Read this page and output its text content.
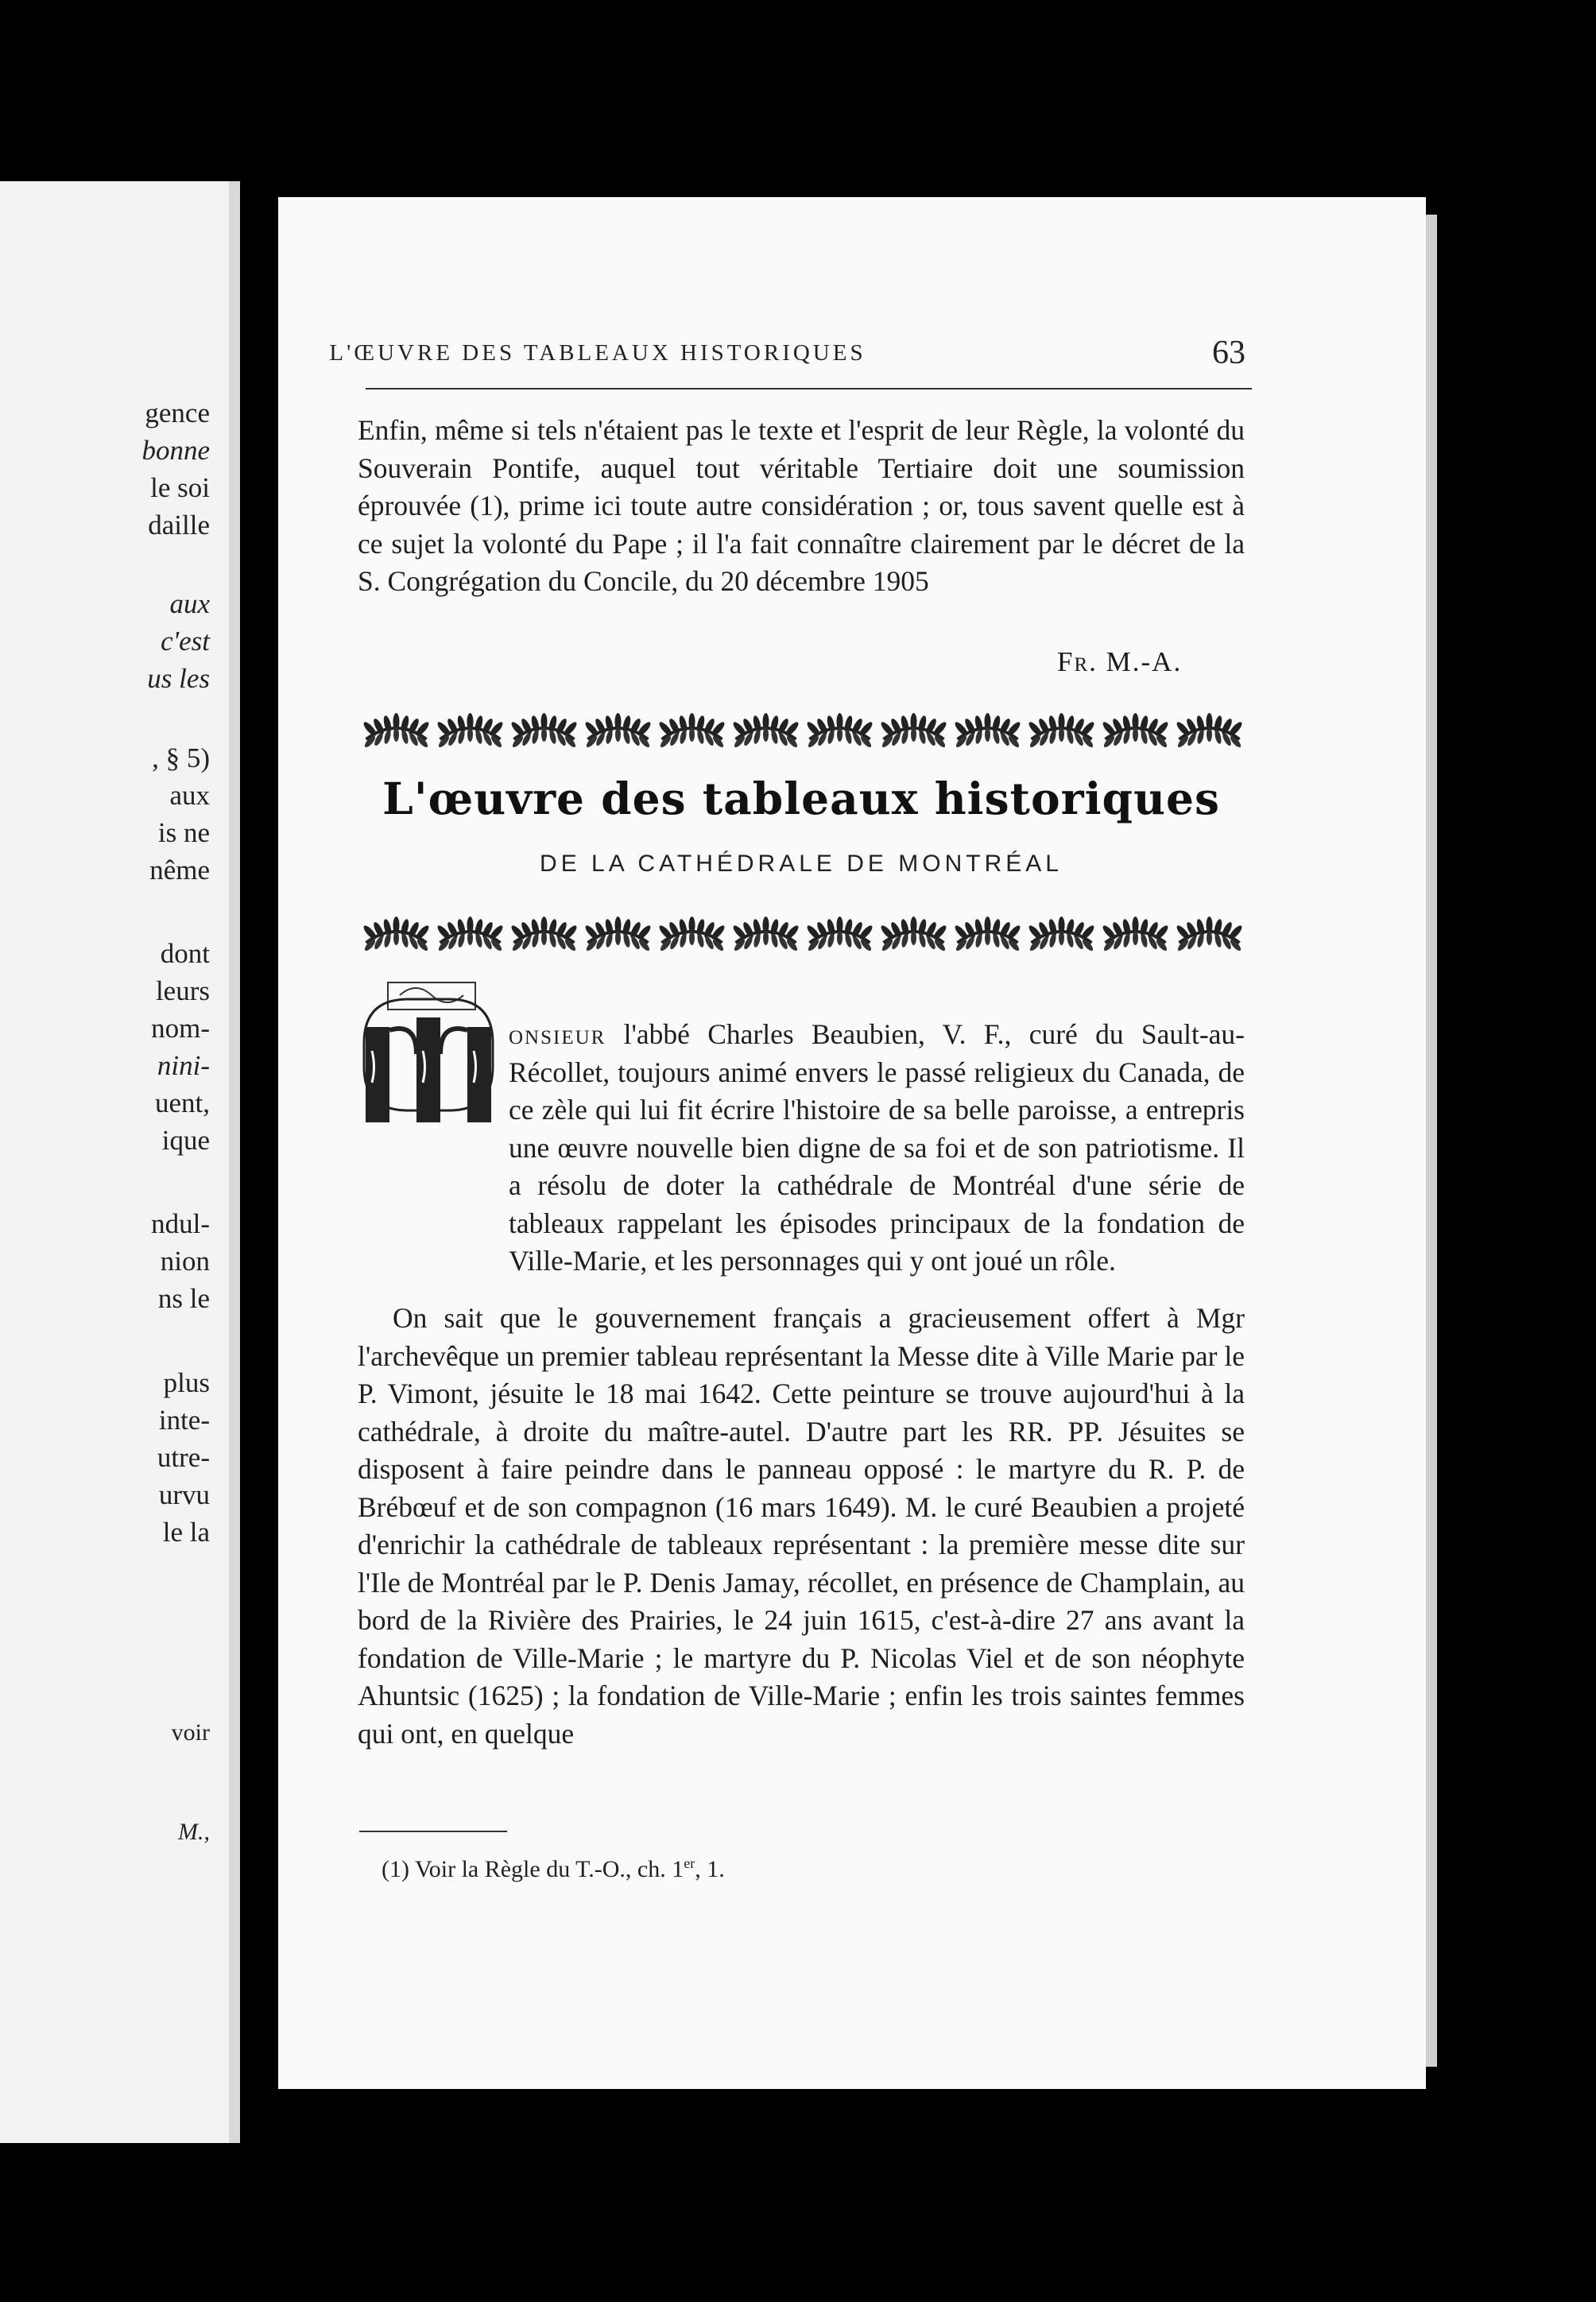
gence
bonne
le soi
daille
aux
c'est
us les
, § 5)
aux
is ne
nême
dont
leurs
nom-
nini-
uent,
ique
ndul-
nion
ns le
plus
inte-
utre-
urvu
le la
voir
M.,
L'ŒUVRE DES TABLEAUX HISTORIQUES	63

Enfin, même si tels n'étaient pas le texte et l'esprit de leur Règle, la volonté du Souverain Pontife, auquel tout véritable Tertiaire doit une soumission éprouvée (1), prime ici toute autre considération ; or, tous savent quelle est à ce sujet la volonté du Pape ; il l'a fait connaître clairement par le décret de la S. Congrégation du Concile, du 20 décembre 1905

Fr. M.-A.
L'œuvre des tableaux historiques
DE LA CATHÉDRALE DE MONTRÉAL

onsieur l'abbé Charles Beaubien, V. F., curé du Sault-au-Récollet, toujours animé envers le passé religieux du Canada, de ce zèle qui lui fit écrire l'histoire de sa belle paroisse, a entrepris une œuvre nouvelle bien digne de sa foi et de son patriotisme. Il a résolu de doter la cathédrale de Montréal d'une série de tableaux rappelant les épisodes principaux de la fondation de Ville-Marie, et les personnages qui y ont joué un rôle.

On sait que le gouvernement français a gracieusement offert à Mgr l'archevêque un premier tableau représentant la Messe dite à Ville Marie par le P. Vimont, jésuite le 18 mai 1642. Cette peinture se trouve aujourd'hui à la cathédrale, à droite du maître-autel. D'autre part les RR. PP. Jésuites se disposent à faire peindre dans le panneau opposé : le martyre du R. P. de Brébœuf et de son compagnon (16 mars 1649). M. le curé Beaubien a projeté d'enrichir la cathédrale de tableaux représentant : la première messe dite sur l'Ile de Montréal par le P. Denis Jamay, récollet, en présence de Champlain, au bord de la Rivière des Prairies, le 24 juin 1615, c'est-à-dire 27 ans avant la fondation de Ville-Marie ; le martyre du P. Nicolas Viel et de son néophyte Ahuntsic (1625) ; la fondation de Ville-Marie ; enfin les trois saintes femmes qui ont, en quelque

(1) Voir la Règle du T.-O., ch. 1er, 1.
